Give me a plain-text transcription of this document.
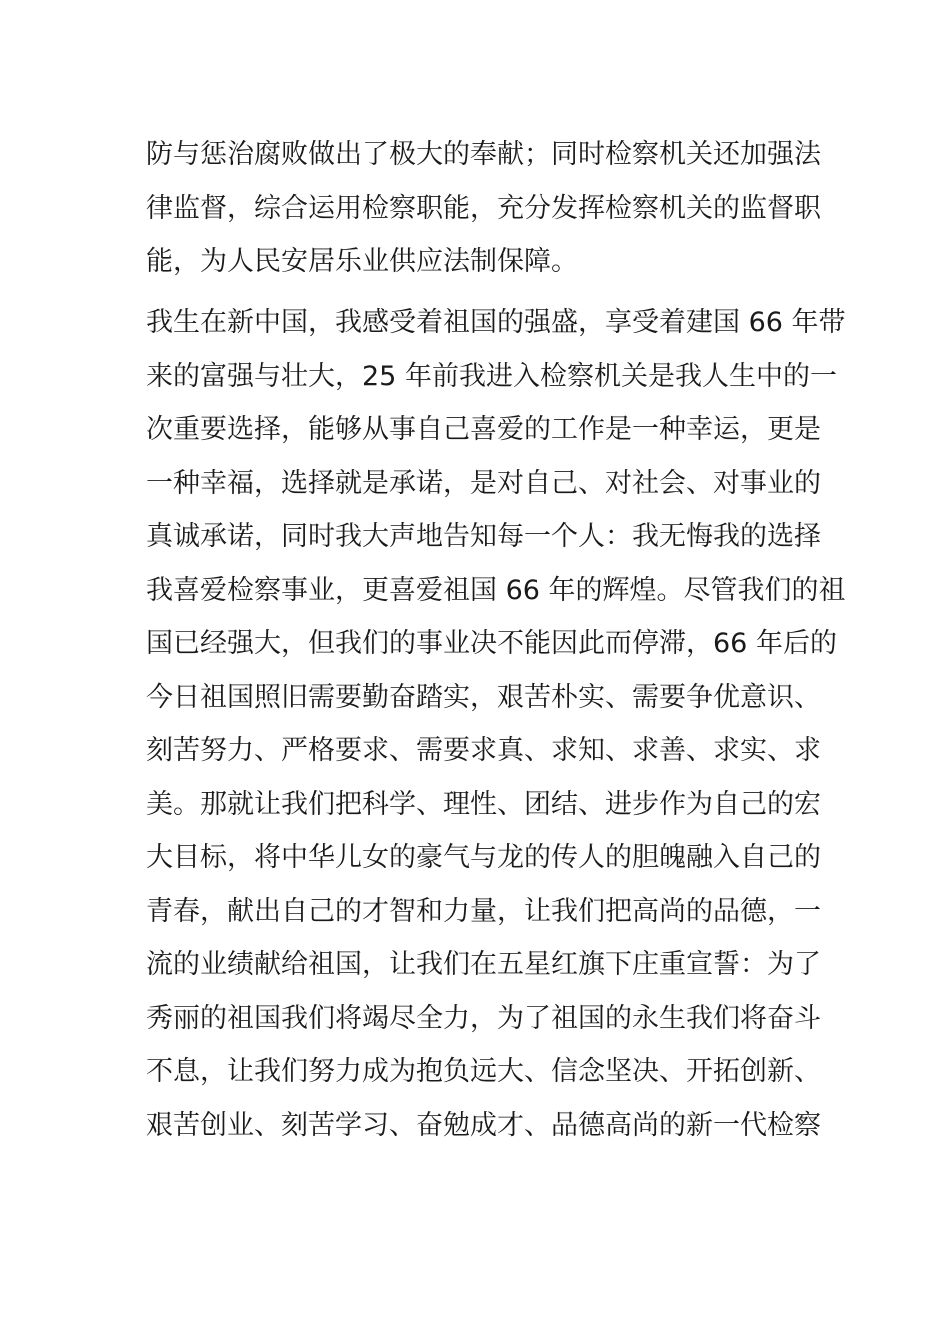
防与惩治腐败做出了极大的奉献；同时检察机关还加强法
律监督，综合运用检察职能，充分发挥检察机关的监督职
能，为人民安居乐业供应法制保障。
我生在新中国，我感受着祖国的强盛，享受着建国 66 年带
来的富强与壮大，25 年前我进入检察机关是我人生中的一
次重要选择，能够从事自己喜爱的工作是一种幸运，更是
一种幸福，选择就是承诺，是对自己、对社会、对事业的
真诚承诺，同时我大声地告知每一个人：我无悔我的选择
我喜爱检察事业，更喜爱祖国 66 年的辉煌。尽管我们的祖
国已经强大，但我们的事业决不能因此而停滞，66 年后的
今日祖国照旧需要勤奋踏实，艰苦朴实、需要争优意识、
刻苦努力、严格要求、需要求真、求知、求善、求实、求
美。那就让我们把科学、理性、团结、进步作为自己的宏
大目标，将中华儿女的豪气与龙的传人的胆魄融入自己的
青春，献出自己的才智和力量，让我们把高尚的品德，一
流的业绩献给祖国，让我们在五星红旗下庄重宣誓：为了
秀丽的祖国我们将竭尽全力，为了祖国的永生我们将奋斗
不息，让我们努力成为抱负远大、信念坚决、开拓创新、
艰苦创业、刻苦学习、奋勉成才、品德高尚的新一代检察
